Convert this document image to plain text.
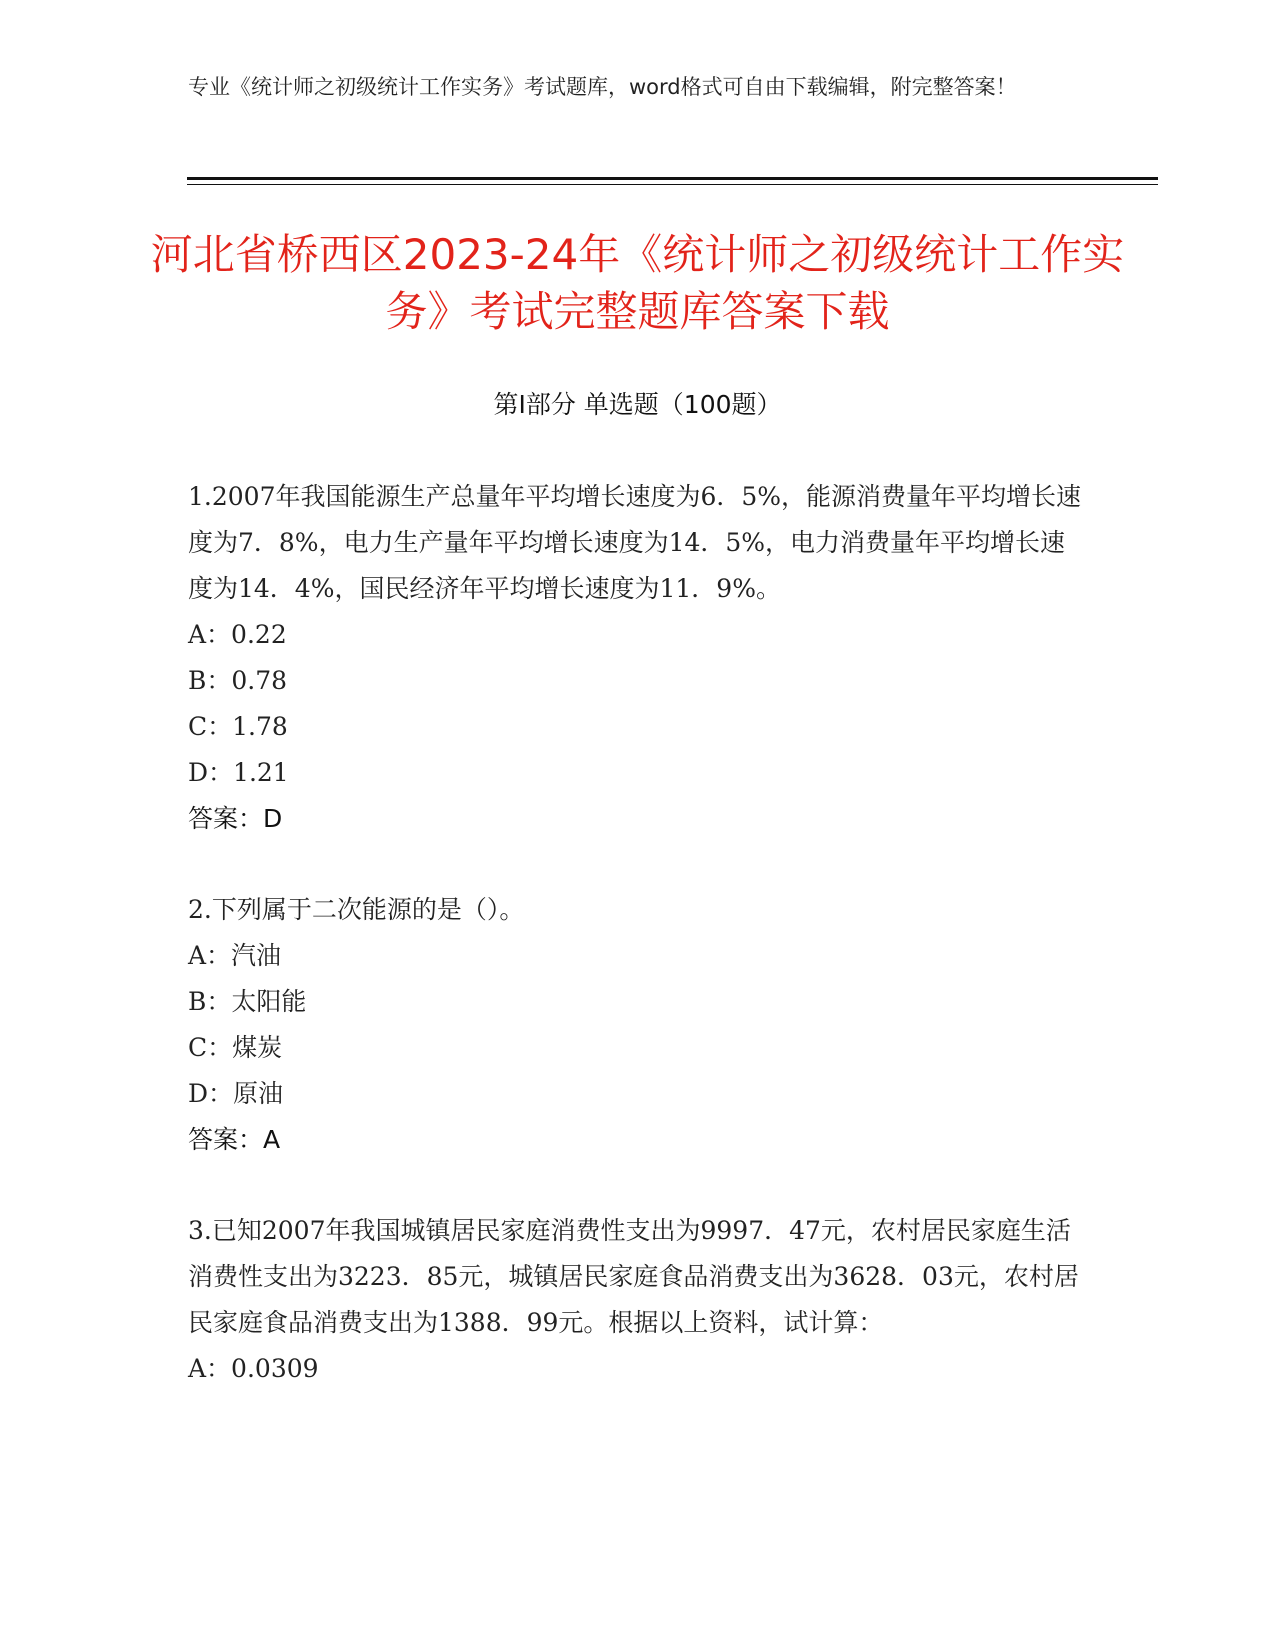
专业《统计师之初级统计工作实务》考试题库，word格式可自由下载编辑，附完整答案！
河北省桥西区2023-24年《统计师之初级统计工作实务》考试完整题库答案下载
第Ⅰ部分 单选题（100题）

1.2007年我国能源生产总量年平均增长速度为6．5%，能源消费量年平均增长速度为7．8%，电力生产量年平均增长速度为14．5%，电力消费量年平均增长速度为14．4%，国民经济年平均增长速度为11．9%。

A：0.22

B：0.78

C：1.78

D：1.21

答案：D

2.下列属于二次能源的是（）。

A：汽油

B：太阳能

C：煤炭

D：原油

答案：A

3.已知2007年我国城镇居民家庭消费性支出为9997．47元，农村居民家庭生活消费性支出为3223．85元，城镇居民家庭食品消费支出为3628．03元，农村居民家庭食品消费支出为1388．99元。根据以上资料，试计算：

A：0.0309
